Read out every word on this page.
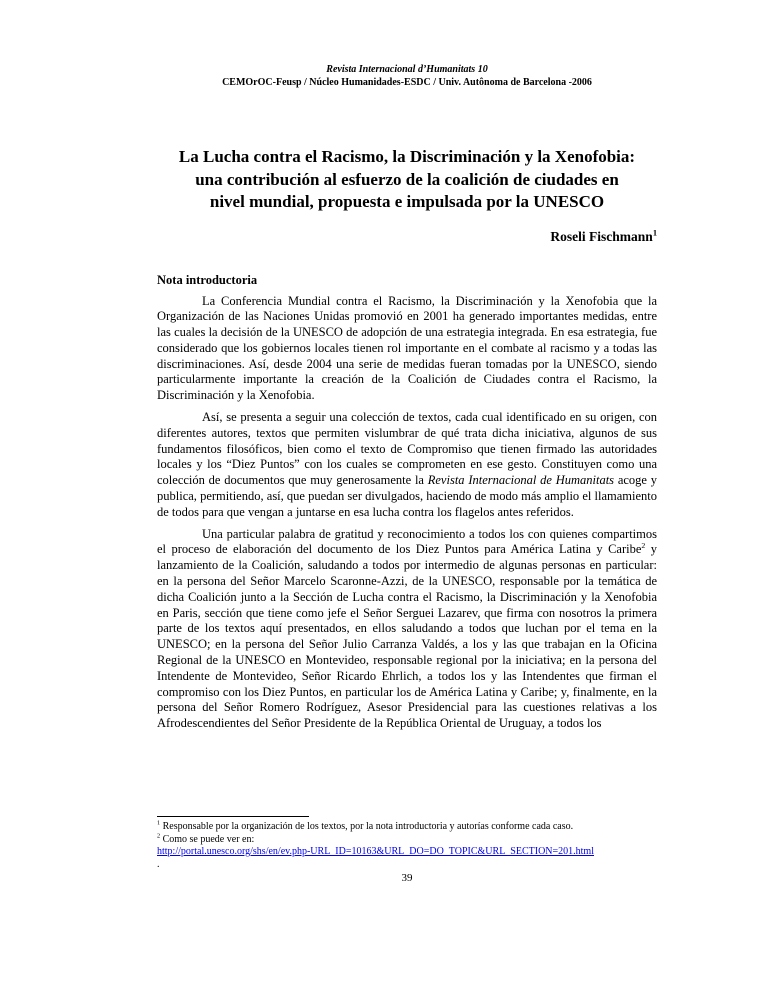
Revista Internacional d’Humanitats 10
CEMOrOC-Feusp / Núcleo Humanidades-ESDC / Univ. Autônoma de Barcelona -2006
La Lucha contra el Racismo, la Discriminación y la Xenofobia:
una contribución al esfuerzo de la coalición de ciudades en
nivel mundial, propuesta e impulsada por la UNESCO
Roseli Fischmann$^1$
Nota introductoria

La Conferencia Mundial contra el Racismo, la Discriminación y la Xenofobia que la Organización de las Naciones Unidas promovió en 2001 ha generado importantes medidas, entre las cuales la decisión de la UNESCO de adopción de una estrategia integrada. En esa estrategia, fue considerado que los gobiernos locales tienen rol importante en el combate al racismo y a todas las discriminaciones. Así, desde 2004 una serie de medidas fueran tomadas por la UNESCO, siendo particularmente importante la creación de la Coalición de Ciudades contra el Racismo, la Discriminación y la Xenofobia.

Así, se presenta a seguir una colección de textos, cada cual identificado en su origen, con diferentes autores, textos que permiten vislumbrar de qué trata dicha iniciativa, algunos de sus fundamentos filosóficos, bien como el texto de Compromiso que tienen firmado las autoridades locales y los “Diez Puntos” con los cuales se comprometen en ese gesto. Constituyen como una colección de documentos que muy generosamente la Revista Internacional de Humanitats acoge y publica, permitiendo, así, que puedan ser divulgados, haciendo de modo más amplio el llamamiento de todos para que vengan a juntarse en esa lucha contra los flagelos antes referidos.

Una particular palabra de gratitud y reconocimiento a todos los con quienes compartimos el proceso de elaboración del documento de los Diez Puntos para América Latina y Caribe$^2$ y lanzamiento de la Coalición, saludando a todos por intermedio de algunas personas en particular: en la persona del Señor Marcelo Scaronne-Azzi, de la UNESCO, responsable por la temática de dicha Coalición junto a la Sección de Lucha contra el Racismo, la Discriminación y la Xenofobia en Paris, sección que tiene como jefe el Señor Serguei Lazarev, que firma con nosotros la primera parte de los textos aquí presentados, en ellos saludando a todos que luchan por el tema en la UNESCO; en la persona del Señor Julio Carranza Valdés, a los y las que trabajan en la Oficina Regional de la UNESCO en Montevideo, responsable regional por la iniciativa; en la persona del Intendente de Montevideo, Señor Ricardo Ehrlich, a todos los y las Intendentes que firman el compromiso con los Diez Puntos, en particular los de América Latina y Caribe; y, finalmente, en la persona del Señor Romero Rodríguez, Asesor Presidencial para las cuestiones relativas a los Afrodescendientes del Señor Presidente de la República Oriental de Uruguay, a todos los

$^1$ Responsable por la organización de los textos, por la nota introductoria y autorías conforme cada caso.
$^2$ Como se puede ver en:
http://portal.unesco.org/shs/en/ev.php-URL_ID=10163&URL_DO=DO_TOPIC&URL_SECTION=201.html
.
39
